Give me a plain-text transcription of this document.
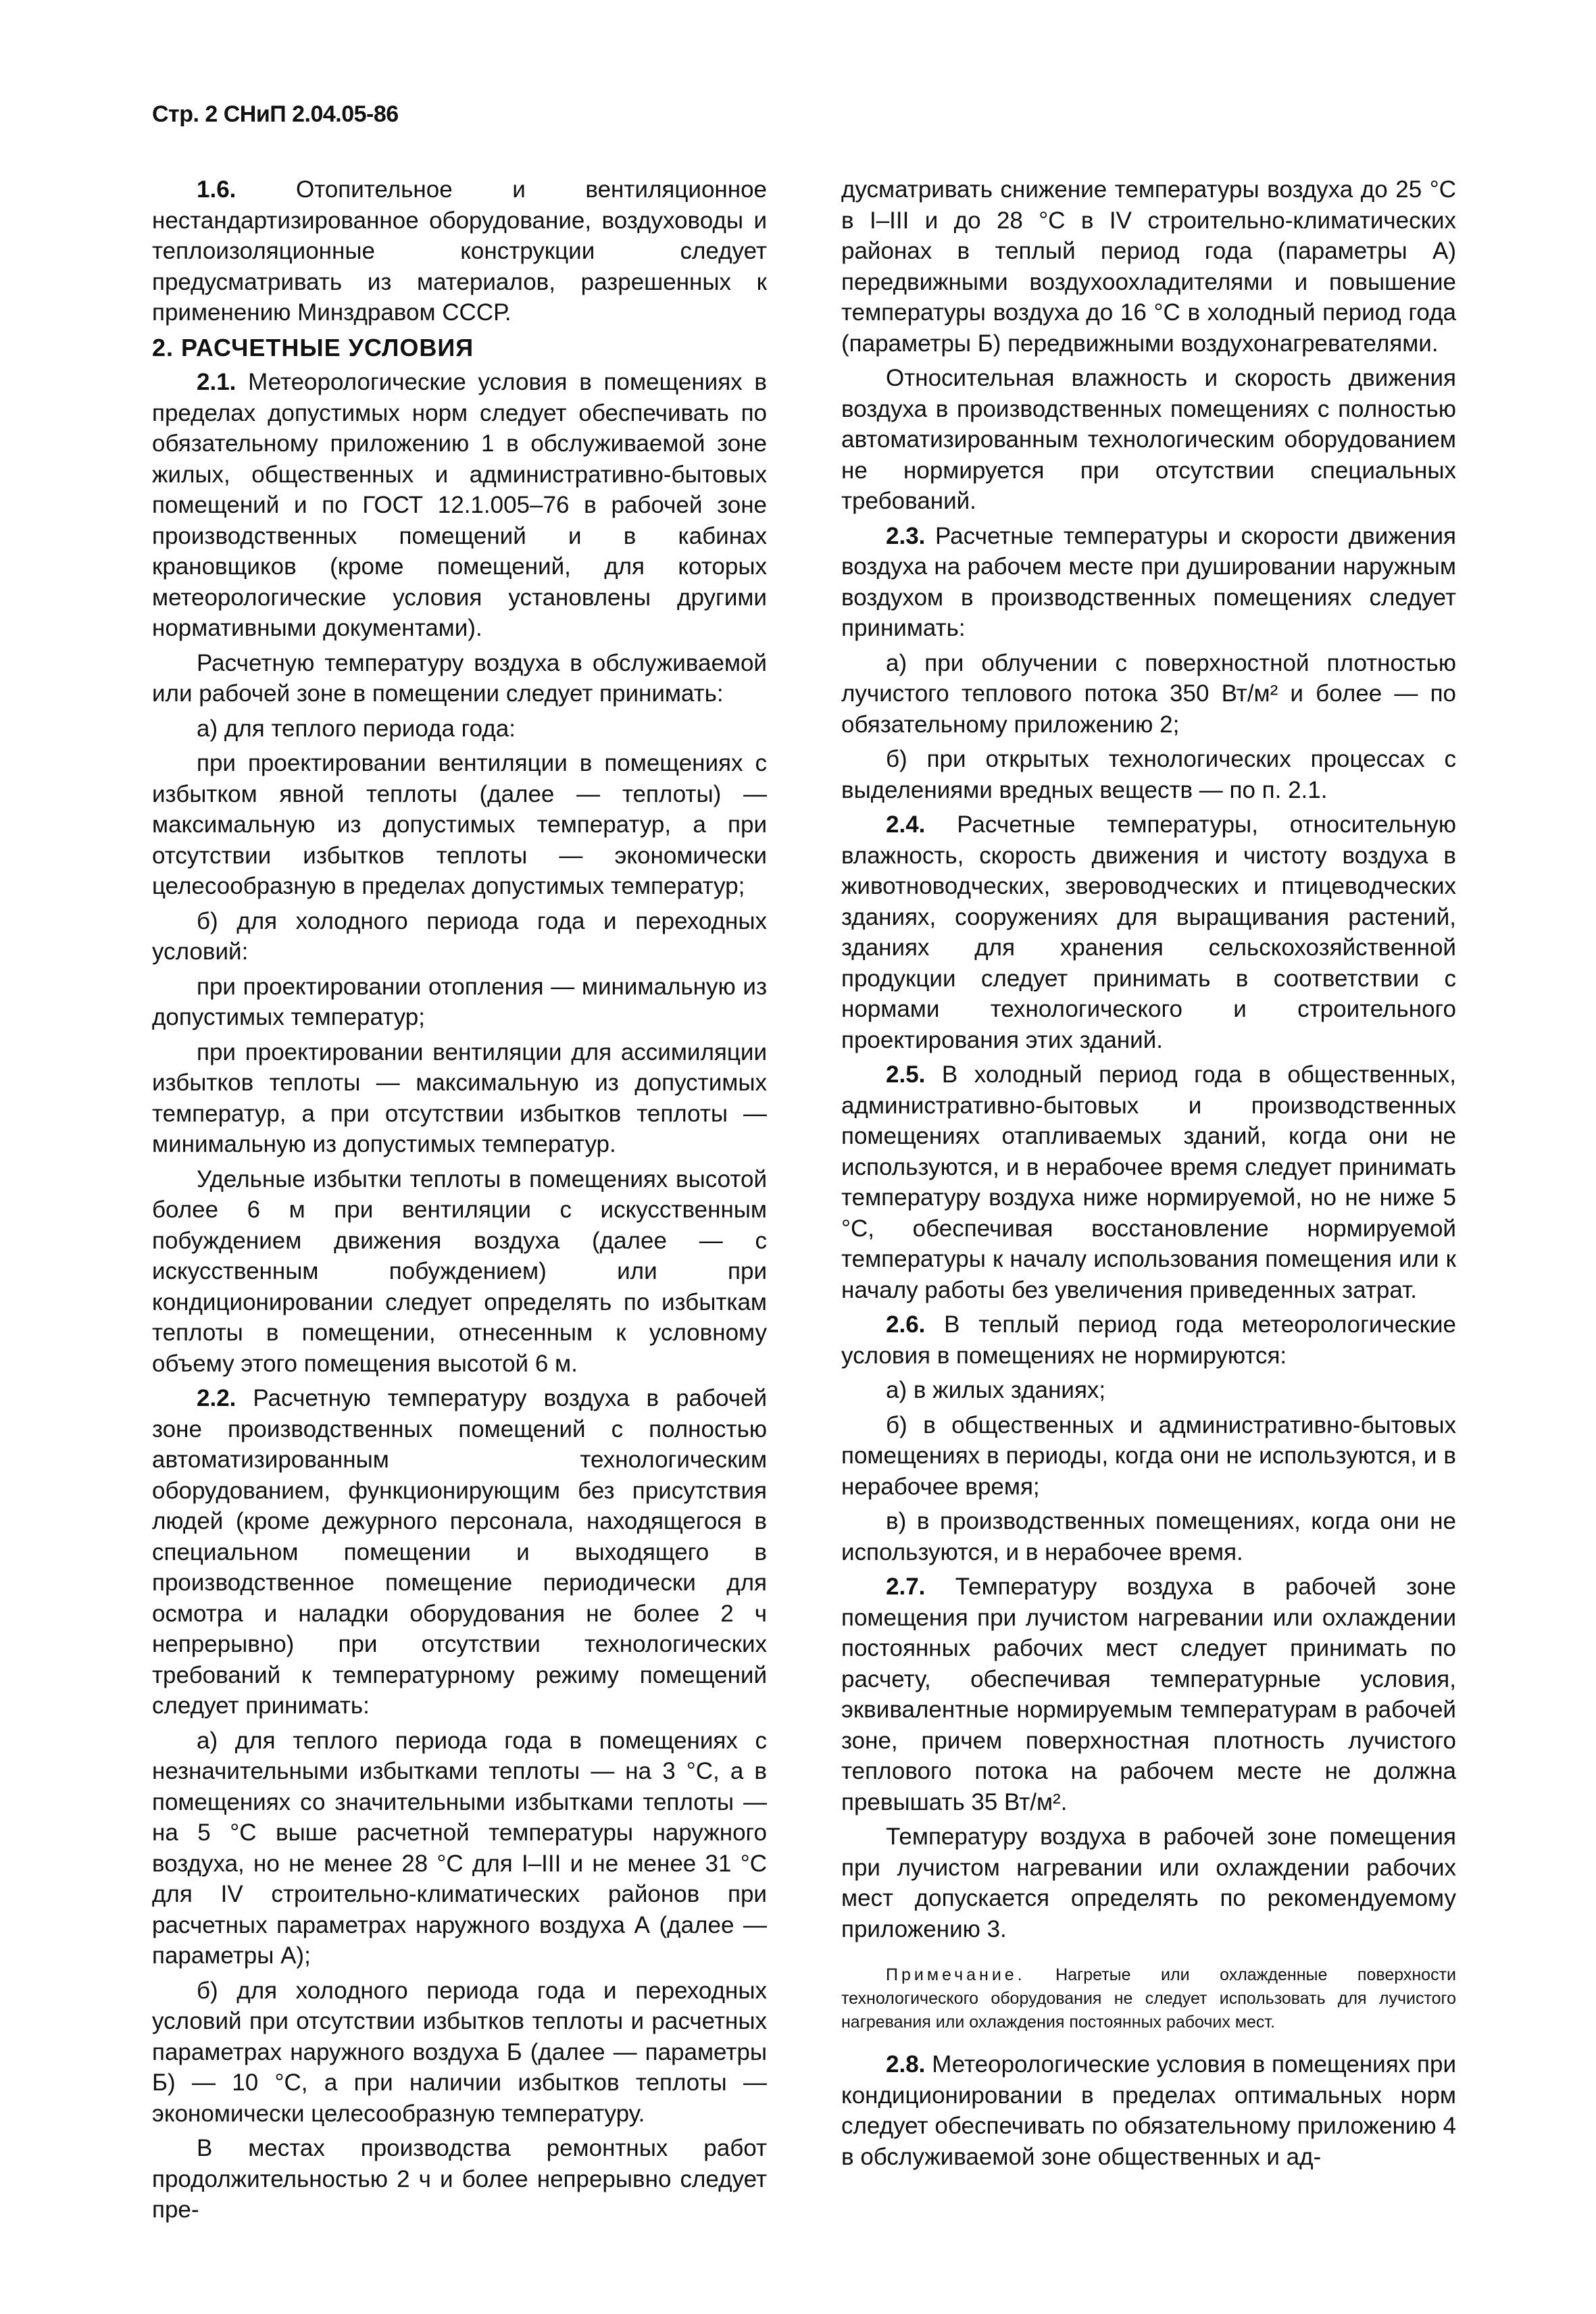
Стр. 2 СНиП 2.04.05-86

1.6. Отопительное и вентиляционное нестандартизированное оборудование, воздуховоды и теплоизоляционные конструкции следует предусматривать из материалов, разрешенных к применению Минздравом СССР.

2. РАСЧЕТНЫЕ УСЛОВИЯ

2.1. Метеорологические условия в помещениях в пределах допустимых норм следует обеспечивать по обязательному приложению 1 в обслуживаемой зоне жилых, общественных и административно-бытовых помещений и по ГОСТ 12.1.005–76 в рабочей зоне производственных помещений и в кабинах крановщиков (кроме помещений, для которых метеорологические условия установлены другими нормативными документами).

Расчетную температуру воздуха в обслуживаемой или рабочей зоне в помещении следует принимать:

а) для теплого периода года:

при проектировании вентиляции в помещениях с избытком явной теплоты (далее — теплоты) — максимальную из допустимых температур, а при отсутствии избытков теплоты — экономически целесообразную в пределах допустимых температур;

б) для холодного периода года и переходных условий:

при проектировании отопления — минимальную из допустимых температур;

при проектировании вентиляции для ассимиляции избытков теплоты — максимальную из допустимых температур, а при отсутствии избытков теплоты — минимальную из допустимых температур.

Удельные избытки теплоты в помещениях высотой более 6 м при вентиляции с искусственным побуждением движения воздуха (далее — с искусственным побуждением) или при кондиционировании следует определять по избыткам теплоты в помещении, отнесенным к условному объему этого помещения высотой 6 м.

2.2. Расчетную температуру воздуха в рабочей зоне производственных помещений с полностью автоматизированным технологическим оборудованием, функционирующим без присутствия людей (кроме дежурного персонала, находящегося в специальном помещении и выходящего в производственное помещение периодически для осмотра и наладки оборудования не более 2 ч непрерывно) при отсутствии технологических требований к температурному режиму помещений следует принимать:

а) для теплого периода года в помещениях с незначительными избытками теплоты — на 3 °С, а в помещениях со значительными избытками теплоты — на 5 °С выше расчетной температуры наружного воздуха, но не менее 28 °С для I–III и не менее 31 °С для IV строительно-климатических районов при расчетных параметрах наружного воздуха А (далее — параметры А);

б) для холодного периода года и переходных условий при отсутствии избытков теплоты и расчетных параметрах наружного воздуха Б (далее — параметры Б) — 10 °С, а при наличии избытков теплоты — экономически целесообразную температуру.

В местах производства ремонтных работ продолжительностью 2 ч и более непрерывно следует пре-

дусматривать снижение температуры воздуха до 25 °С в I–III и до 28 °С в IV строительно-климатических районах в теплый период года (параметры А) передвижными воздухоохладителями и повышение температуры воздуха до 16 °С в холодный период года (параметры Б) передвижными воздухонагревателями.

Относительная влажность и скорость движения воздуха в производственных помещениях с полностью автоматизированным технологическим оборудованием не нормируется при отсутствии специальных требований.

2.3. Расчетные температуры и скорости движения воздуха на рабочем месте при душировании наружным воздухом в производственных помещениях следует принимать:

а) при облучении с поверхностной плотностью лучистого теплового потока 350 Вт/м² и более — по обязательному приложению 2;

б) при открытых технологических процессах с выделениями вредных веществ — по п. 2.1.

2.4. Расчетные температуры, относительную влажность, скорость движения и чистоту воздуха в животноводческих, звероводческих и птицеводческих зданиях, сооружениях для выращивания растений, зданиях для хранения сельскохозяйственной продукции следует принимать в соответствии с нормами технологического и строительного проектирования этих зданий.

2.5. В холодный период года в общественных, административно-бытовых и производственных помещениях отапливаемых зданий, когда они не используются, и в нерабочее время следует принимать температуру воздуха ниже нормируемой, но не ниже 5 °С, обеспечивая восстановление нормируемой температуры к началу использования помещения или к началу работы без увеличения приведенных затрат.

2.6. В теплый период года метеорологические условия в помещениях не нормируются:

а) в жилых зданиях;

б) в общественных и административно-бытовых помещениях в периоды, когда они не используются, и в нерабочее время;

в) в производственных помещениях, когда они не используются, и в нерабочее время.

2.7. Температуру воздуха в рабочей зоне помещения при лучистом нагревании или охлаждении постоянных рабочих мест следует принимать по расчету, обеспечивая температурные условия, эквивалентные нормируемым температурам в рабочей зоне, причем поверхностная плотность лучистого теплового потока на рабочем месте не должна превышать 35 Вт/м².

Температуру воздуха в рабочей зоне помещения при лучистом нагревании или охлаждении рабочих мест допускается определять по рекомендуемому приложению 3.

Примечание. Нагретые или охлажденные поверхности технологического оборудования не следует использовать для лучистого нагревания или охлаждения постоянных рабочих мест.

2.8. Метеорологические условия в помещениях при кондиционировании в пределах оптимальных норм следует обеспечивать по обязательному приложению 4 в обслуживаемой зоне общественных и ад-
